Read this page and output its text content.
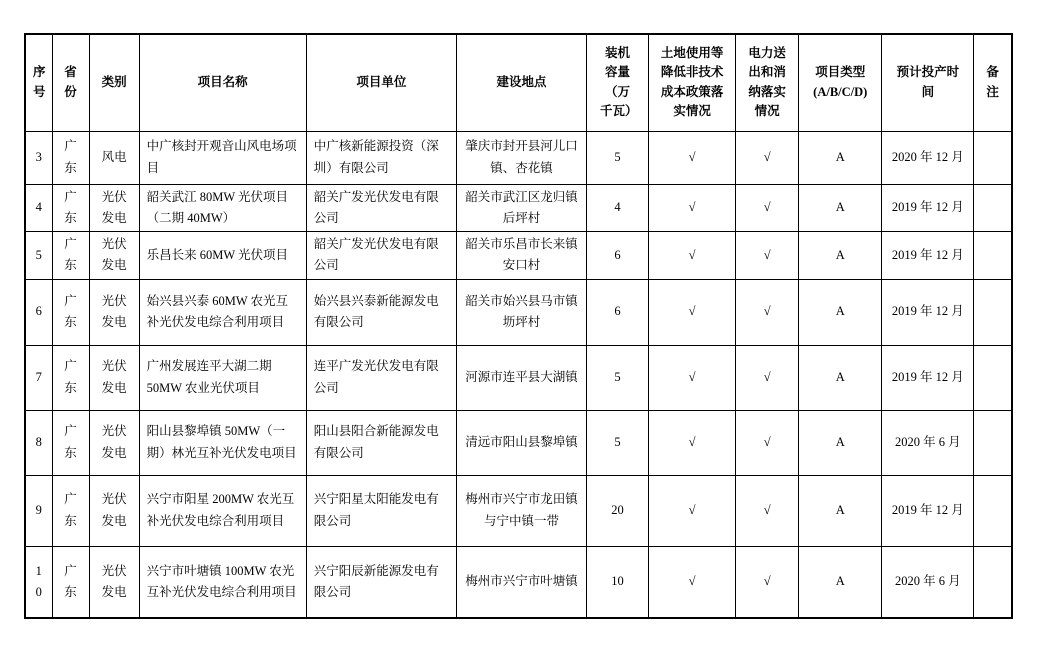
序号	省份	类别	项目名称	项目单位	建设地点	装机容量（万千瓦）	土地使用等降低非技术成本政策落实情况	电力送出和消纳落实情况	项目类型(A/B/C/D)	预计投产时间	备注
3	广东	风电	中广核封开观音山风电场项目	中广核新能源投资（深圳）有限公司	肇庆市封开县河儿口镇、杏花镇	5	√	√	A	2020 年 12 月	
4	广东	光伏发电	韶关武江 80MW 光伏项目（二期 40MW）	韶关广发光伏发电有限公司	韶关市武江区龙归镇后坪村	4	√	√	A	2019 年 12 月	
5	广东	光伏发电	乐昌长来 60MW 光伏项目	韶关广发光伏发电有限公司	韶关市乐昌市长来镇安口村	6	√	√	A	2019 年 12 月	
6	广东	光伏发电	始兴县兴泰 60MW 农光互补光伏发电综合利用项目	始兴县兴泰新能源发电有限公司	韶关市始兴县马市镇坜坪村	6	√	√	A	2019 年 12 月	
7	广东	光伏发电	广州发展连平大湖二期 50MW 农业光伏项目	连平广发光伏发电有限公司	河源市连平县大湖镇	5	√	√	A	2019 年 12 月	
8	广东	光伏发电	阳山县黎埠镇 50MW（一期）林光互补光伏发电项目	阳山县阳合新能源发电有限公司	清远市阳山县黎埠镇	5	√	√	A	2020 年 6 月	
9	广东	光伏发电	兴宁市阳星 200MW 农光互补光伏发电综合利用项目	兴宁阳星太阳能发电有限公司	梅州市兴宁市龙田镇与宁中镇一带	20	√	√	A	2019 年 12 月	
10	广东	光伏发电	兴宁市叶塘镇 100MW 农光互补光伏发电综合利用项目	兴宁阳辰新能源发电有限公司	梅州市兴宁市叶塘镇	10	√	√	A	2020 年 6 月	
